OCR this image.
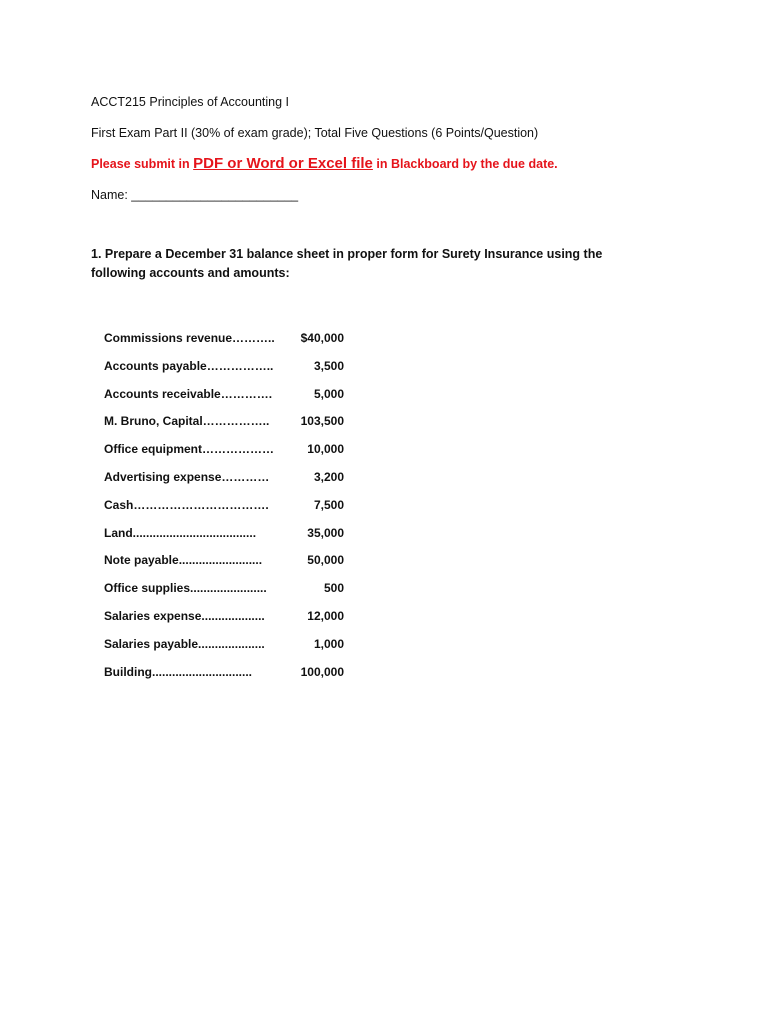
ACCT215 Principles of Accounting I
First Exam Part II (30% of exam grade); Total Five Questions (6 Points/Question)
Please submit in PDF or Word or Excel file in Blackboard by the due date.
Name: ________________________
1. Prepare a December 31 balance sheet in proper form for Surety Insurance using the following accounts and amounts:
Commissions revenue……….. $40,000
Accounts payable……………..	3,500
Accounts receivable………….	5,000
M. Bruno, Capital……………..	103,500
Office equipment………………	10,000
Advertising expense…………	3,200
Cash…………………………….	7,500
Land.....................................	35,000
Note payable.........................	50,000
Office supplies.......................	500
Salaries expense...................	12,000
Salaries payable....................	1,000
Building..............................	100,000
